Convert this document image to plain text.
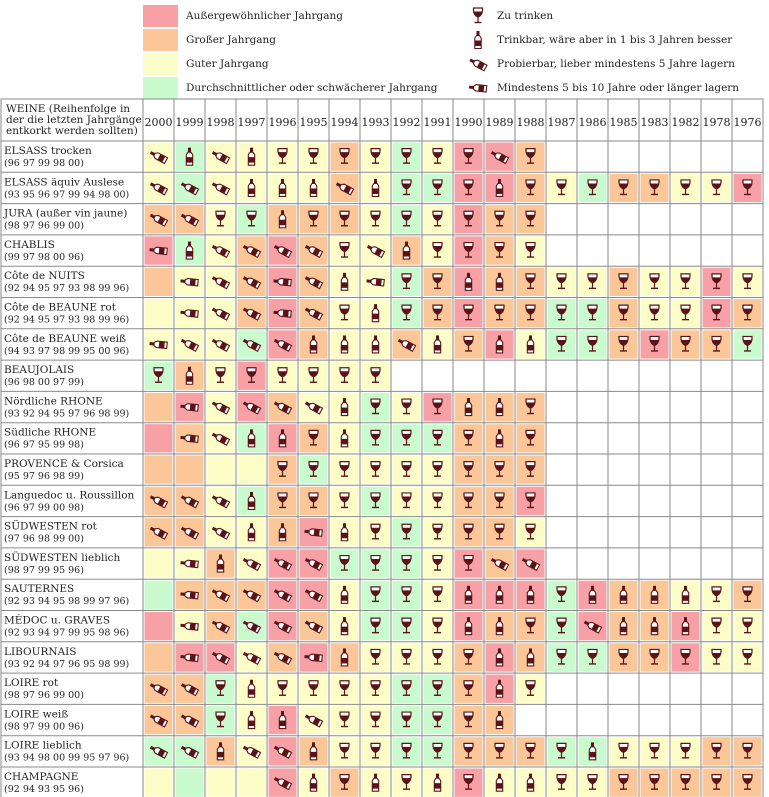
Außergewöhnlicher Jahrgang
Großer Jahrgang
Guter Jahrgang
Durchschnittlicher oder schwächerer Jahrgang
Zu trinken
Trinkbar, wäre aber in 1 bis 3 Jahren besser
Probierbar, lieber mindestens 5 Jahre lagern
Mindestens 5 bis 10 Jahre oder länger lagern
WEINE (Reihenfolge in
der die letzten Jahrgänge
entkorkt werden sollten)
2000 1999 1998 1997 1996 1995 1994 1993 1992 1991 1990 1989 1988 1987 1986 1985 1983 1982 1978 1976
ELSASS trocken
(96 97 99 98 00)
ELSASS äquiv Auslese
(93 95 96 97 99 94 98 00)
JURA (außer vin jaune)
(98 97 96 99 00)
CHABLIS
(99 97 98 00 96)
Côte de NUITS
(92 94 95 97 93 98 99 96)
Côte de BEAUNE rot
(92 94 95 97 93 98 99 96)
Côte de BEAUNE weiß
(94 93 97 98 99 95 00 96)
BEAUJOLAIS
(96 98 00 97 99)
Nördliche RHONE
(93 92 94 95 97 96 98 99)
Südliche RHONE
(96 97 95 99 98)
PROVENCE & Corsica
(95 97 96 98 99)
Languedoc u. Roussillon
(96 97 99 00 98)
SÜDWESTEN rot
(97 96 98 99 00)
SÜDWESTEN lieblich
(98 97 99 95 96)
SAUTERNES
(92 93 94 95 98 99 97 96)
MÉDOC u. GRAVES
(92 93 94 97 99 95 98 96)
LIBOURNAIS
(93 92 94 97 96 95 98 99)
LOIRE rot
(98 97 96 99 00)
LOIRE weiß
(98 97 99 00 96)
LOIRE lieblich
(93 94 98 00 99 95 97 96)
CHAMPAGNE
(92 94 93 95 96)
